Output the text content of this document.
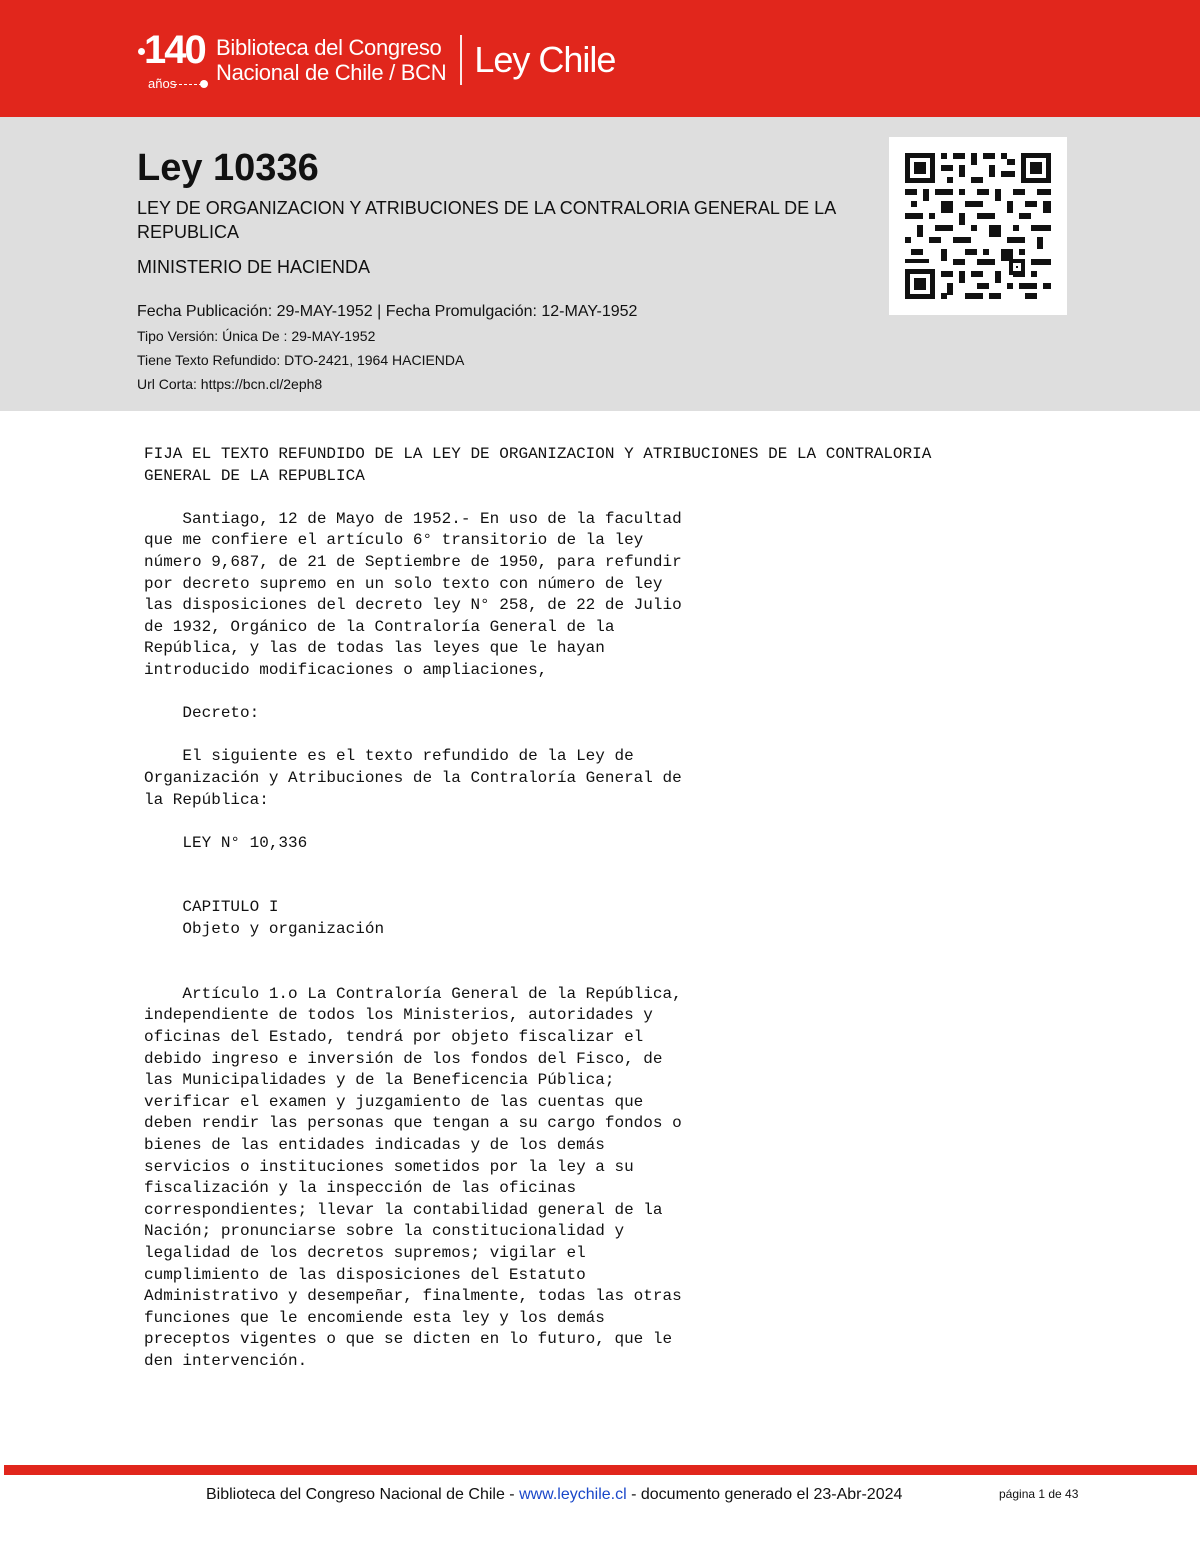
140
años
Biblioteca del Congreso
Nacional de Chile / BCN Ley Chile
Ley 10336
LEY DE ORGANIZACION Y ATRIBUCIONES DE LA CONTRALORIA GENERAL DE LA REPUBLICA
MINISTERIO DE HACIENDA
Fecha Publicación: 29-MAY-1952 | Fecha Promulgación: 12-MAY-1952
Tipo Versión: Única De : 29-MAY-1952
Tiene Texto Refundido: DTO-2421, 1964 HACIENDA
Url Corta: https://bcn.cl/2eph8
FIJA EL TEXTO REFUNDIDO DE LA LEY DE ORGANIZACION Y ATRIBUCIONES DE LA CONTRALORIA
GENERAL DE LA REPUBLICA

Santiago, 12 de Mayo de 1952.- En uso de la facultad
que me confiere el artículo 6° transitorio de la ley
número 9,687, de 21 de Septiembre de 1950, para refundir
por decreto supremo en un solo texto con número de ley
las disposiciones del decreto ley N° 258, de 22 de Julio
de 1932, Orgánico de la Contraloría General de la
República, y las de todas las leyes que le hayan
introducido modificaciones o ampliaciones,

Decreto:

El siguiente es el texto refundido de la Ley de
Organización y Atribuciones de la Contraloría General de
la República:

LEY N° 10,336

CAPITULO I
Objeto y organización

Artículo 1.o La Contraloría General de la República,
independiente de todos los Ministerios, autoridades y
oficinas del Estado, tendrá por objeto fiscalizar el
debido ingreso e inversión de los fondos del Fisco, de
las Municipalidades y de la Beneficencia Pública;
verificar el examen y juzgamiento de las cuentas que
deben rendir las personas que tengan a su cargo fondos o
bienes de las entidades indicadas y de los demás
servicios o instituciones sometidos por la ley a su
fiscalización y la inspección de las oficinas
correspondientes; llevar la contabilidad general de la
Nación; pronunciarse sobre la constitucionalidad y
legalidad de los decretos supremos; vigilar el
cumplimiento de las disposiciones del Estatuto
Administrativo y desempeñar, finalmente, todas las otras
funciones que le encomiende esta ley y los demás
preceptos vigentes o que se dicten en lo futuro, que le
den intervención.
Biblioteca del Congreso Nacional de Chile - www.leychile.cl - documento generado el 23-Abr-2024	página 1 de 43
